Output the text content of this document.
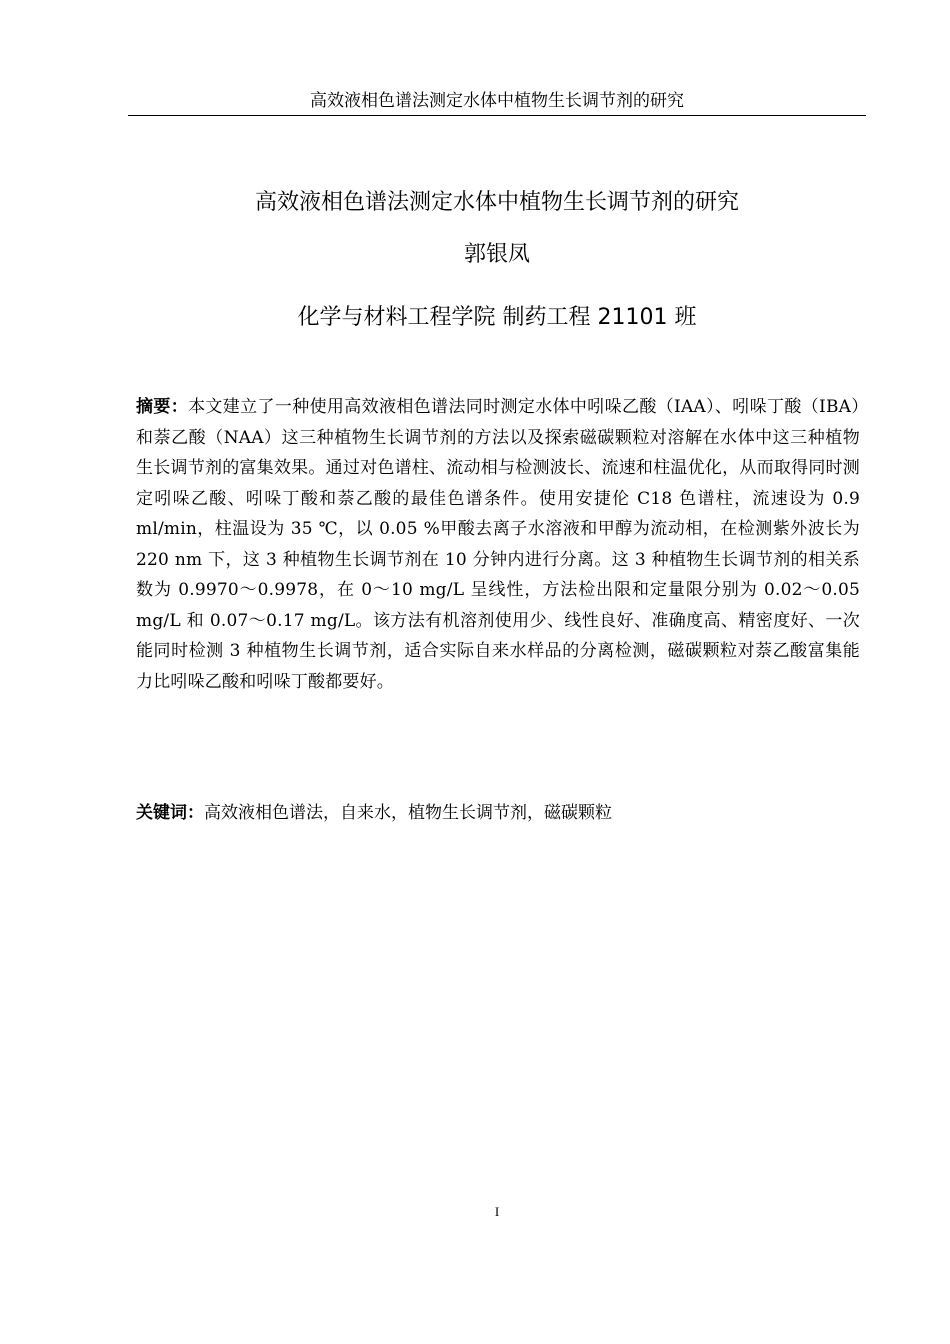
高效液相色谱法测定水体中植物生长调节剂的研究
高效液相色谱法测定水体中植物生长调节剂的研究
郭银凤
化学与材料工程学院 制药工程 21101 班

摘要：本文建立了一种使用高效液相色谱法同时测定水体中吲哚乙酸（IAA）、吲哚丁酸（IBA）和萘乙酸（NAA）这三种植物生长调节剂的方法以及探索磁碳颗粒对溶解在水体中这三种植物生长调节剂的富集效果。通过对色谱柱、流动相与检测波长、流速和柱温优化，从而取得同时测定吲哚乙酸、吲哚丁酸和萘乙酸的最佳色谱条件。使用安捷伦 C18 色谱柱，流速设为 0.9 ml/min，柱温设为 35 ℃，以 0.05 %甲酸去离子水溶液和甲醇为流动相，在检测紫外波长为 220 nm 下，这 3 种植物生长调节剂在 10 分钟内进行分离。这 3 种植物生长调节剂的相关系数为 0.9970～0.9978，在 0～10 mg/L 呈线性，方法检出限和定量限分别为 0.02～0.05 mg/L 和 0.07～0.17 mg/L。该方法有机溶剂使用少、线性良好、准确度高、精密度好、一次能同时检测 3 种植物生长调节剂，适合实际自来水样品的分离检测，磁碳颗粒对萘乙酸富集能力比吲哚乙酸和吲哚丁酸都要好。

关键词：高效液相色谱法，自来水，植物生长调节剂，磁碳颗粒

I
